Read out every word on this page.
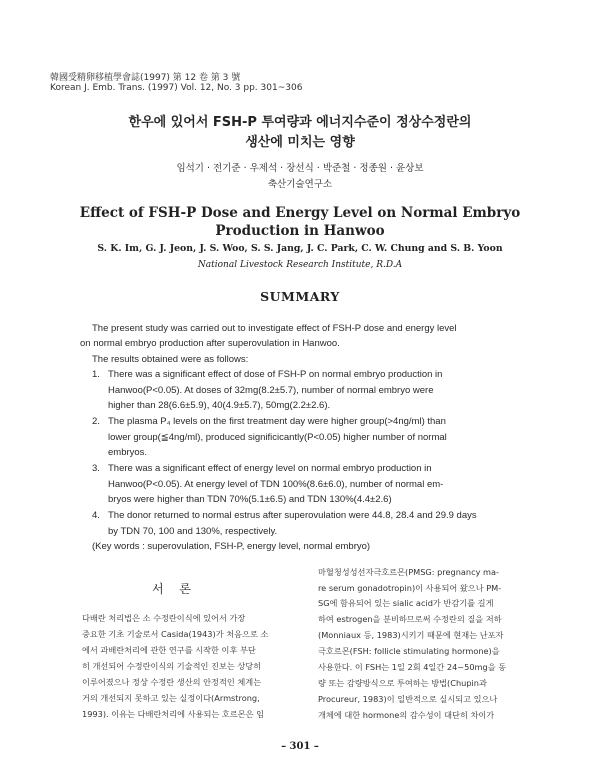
韓國受精卵移植學會誌(1997) 第 12 卷 第 3 號
Korean J. Emb. Trans. (1997) Vol. 12, No. 3 pp. 301~306
한우에 있어서 FSH-P 투여량과 에너지수준이 정상수정란의
생산에 미치는 영향
임석기 · 전기준 · 우제석 · 장선식 · 박준철 · 정종원 · 윤상보
축산기술연구소
Effect of FSH-P Dose and Energy Level on Normal Embryo
Production in Hanwoo
S. K. Im, G. J. Jeon, J. S. Woo, S. S. Jang, J. C. Park, C. W. Chung and S. B. Yoon
National Livestock Research Institute, R.D.A
SUMMARY
The present study was carried out to investigate effect of FSH-P dose and energy level
on normal embryo production after superovulation in Hanwoo.
The results obtained were as follows:
1. There was a significant effect of dose of FSH-P on normal embryo production in
Hanwoo(P<0.05). At doses of 32mg(8.2±5.7), number of normal embryo were
higher than 28(6.6±5.9), 40(4.9±5.7), 50mg(2.2±2.6).
2. The plasma P₄ levels on the first treatment day were higher group(>4ng/ml) than
lower group(≦4ng/ml), produced significicantly(P<0.05) higher number of normal
embryos.
3. There was a significant effect of energy level on normal embryo production in
Hanwoo(P<0.05). At energy level of TDN 100%(8.6±6.0), number of normal em-
bryos were higher than TDN 70%(5.1±6.5) and TDN 130%(4.4±2.6)
4. The donor returned to normal estrus after superovulation were 44.8, 28.4 and 29.9 days
by TDN 70, 100 and 130%, respectively.
(Key words : superovulation, FSH-P, energy level, normal embryo)
서 론
다배란 처리법은 소 수정란이식에 있어서 가장
중요한 기초 기술로서 Casida(1943)가 처음으로 소
에서 과배란처리에 관한 연구를 시작한 이후 부단
히 개선되어 수정란이식의 기술적인 진보는 상당히
이루어졌으나 정상 수정란 생산의 안정적인 체계는
거의 개선되지 못하고 있는 실정이다(Armstrong,
1993). 이유는 다배란처리에 사용되는 호르몬은 임
마혈청성성선자극호르몬(PMSG: pregnancy ma-
re serum gonadotropin)이 사용되어 왔으나 PM-
SG에 함유되어 있는 sialic acid가 반감기를 길게
하여 estrogen을 분비하므로써 수정란의 질을 저하
(Monniaux 등, 1983)시키기 때문에 현재는 난포자
극호르몬(FSH: follicle stimulating hormone)을
사용한다. 이 FSH는 1일 2회 4일간 24~50mg을 동
량 또는 감량방식으로 투여하는 방법(Chupin과
Procureur, 1983)이 일반적으로 실시되고 있으나
개체에 대한 hormone의 감수성이 대단히 차이가
– 301 –
